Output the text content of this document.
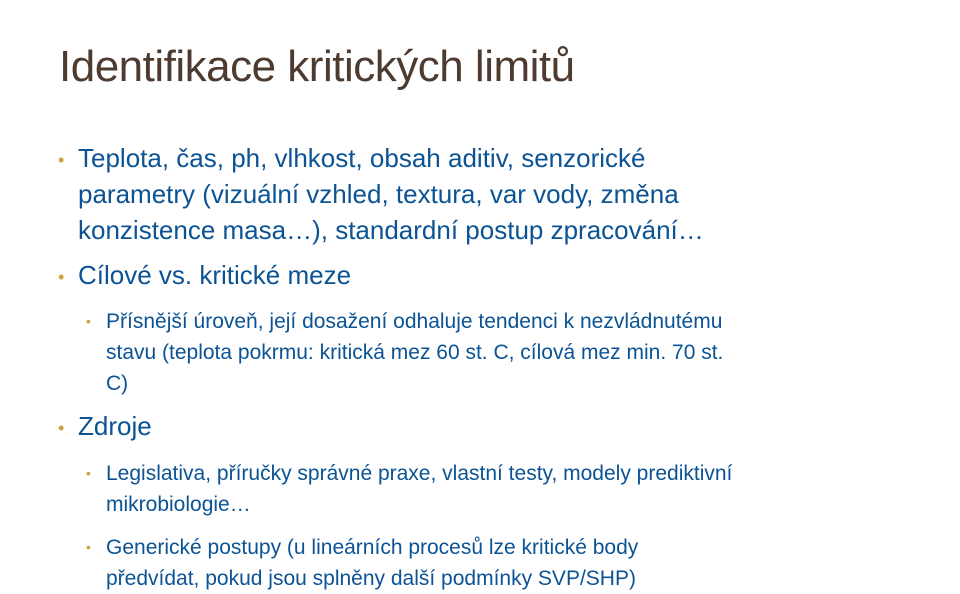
Identifikace kritických limitů
• Teplota, čas, ph, vlhkost, obsah aditiv, senzorické
parametry (vizuální vzhled, textura, var vody, změna
konzistence masa…), standardní postup zpracování…
• Cílové vs. kritické meze
• Přísnější úroveň, její dosažení odhaluje tendenci k nezvládnutému
stavu (teplota pokrmu: kritická mez 60 st. C, cílová mez min. 70 st.
C)
• Zdroje
• Legislativa, příručky správné praxe, vlastní testy, modely prediktivní
mikrobiologie…
• Generické postupy (u lineárních procesů lze kritické body
předvídat, pokud jsou splněny další podmínky SVP/SHP)
